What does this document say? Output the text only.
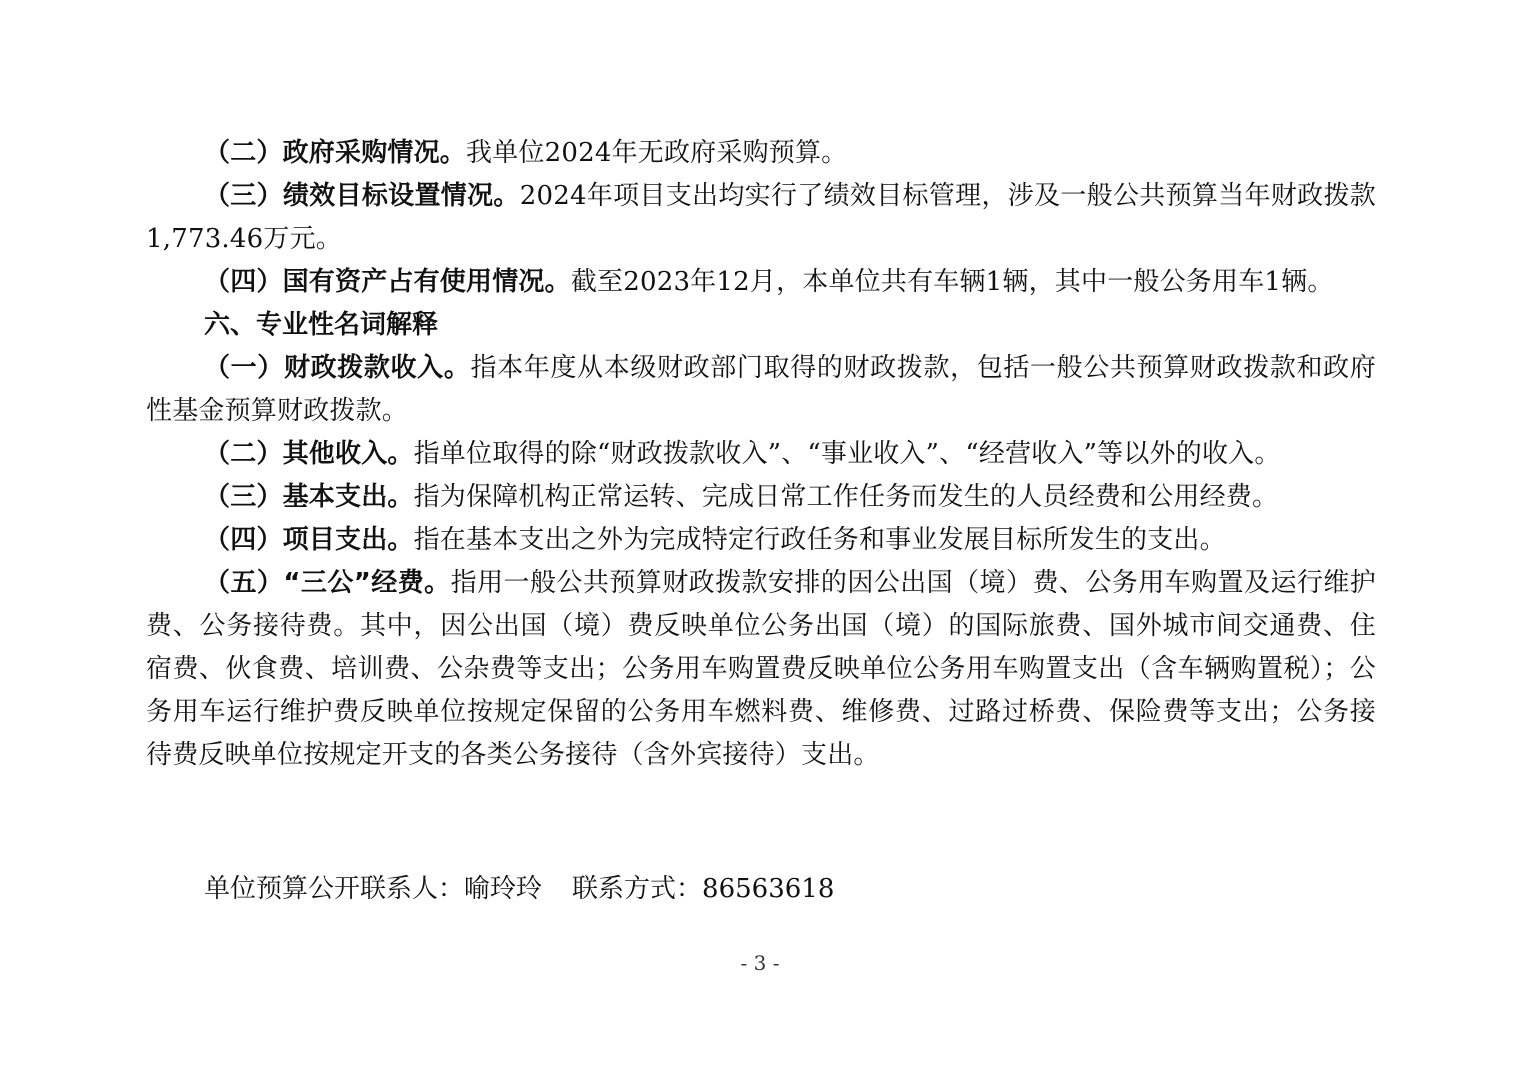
（二）政府采购情况。我单位2024年无政府采购预算。

（三）绩效目标设置情况。2024年项目支出均实行了绩效目标管理，涉及一般公共预算当年财政拨款1,773.46万元。

（四）国有资产占有使用情况。截至2023年12月，本单位共有车辆1辆，其中一般公务用车1辆。

六、专业性名词解释

（一）财政拨款收入。指本年度从本级财政部门取得的财政拨款，包括一般公共预算财政拨款和政府性基金预算财政拨款。

（二）其他收入。指单位取得的除“财政拨款收入”、“事业收入”、“经营收入”等以外的收入。

（三）基本支出。指为保障机构正常运转、完成日常工作任务而发生的人员经费和公用经费。

（四）项目支出。指在基本支出之外为完成特定行政任务和事业发展目标所发生的支出。

（五）“三公”经费。指用一般公共预算财政拨款安排的因公出国（境）费、公务用车购置及运行维护费、公务接待费。其中，因公出国（境）费反映单位公务出国（境）的国际旅费、国外城市间交通费、住宿费、伙食费、培训费、公杂费等支出；公务用车购置费反映单位公务用车购置支出（含车辆购置税）；公务用车运行维护费反映单位按规定保留的公务用车燃料费、维修费、过路过桥费、保险费等支出；公务接待费反映单位按规定开支的各类公务接待（含外宾接待）支出。

单位预算公开联系人：喻玲玲 联系方式：86563618
- 3 -
